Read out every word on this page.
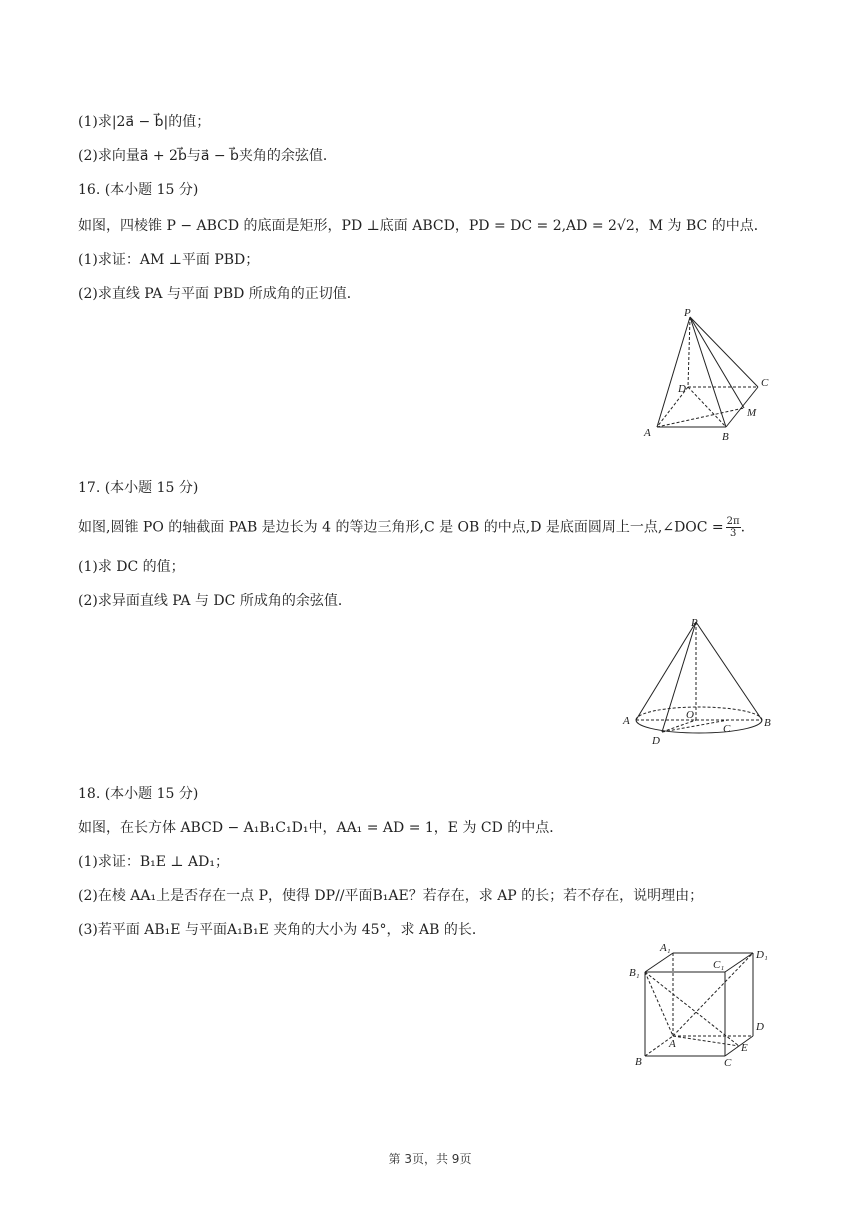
(1)求|2a⃗ − b⃗|的值；
(2)求向量a⃗ + 2b⃗与a⃗ − b⃗夹角的余弦值．
16. (本小题 15 分)
如图，四棱锥 P − ABCD 的底面是矩形，PD ⊥底面 ABCD，PD = DC = 2,AD = 2√2，M 为 BC 的中点．
(1)求证：AM ⊥平面 PBD；
(2)求直线 PA 与平面 PBD 所成角的正切值．
P
D	C
M
A	B
17. (本小题 15 分)
如图,圆锥 PO 的轴截面 PAB 是边长为 4 的等边三角形,C 是 OB 的中点,D 是底面圆周上一点,∠DOC = $\frac{2\pi}{3}$ .
(1)求 DC 的值；
(2)求异面直线 PA 与 DC 所成角的余弦值．
P
A	O
C	B
D
18. (本小题 15 分)
如图，在长方体 ABCD − A₁B₁C₁D₁中，AA₁ = AD = 1，E 为 CD 的中点．
(1)求证：B₁E ⊥ AD₁；
(2)在棱 AA₁上是否存在一点 P，使得 DP//平面B₁AE？若存在，求 AP 的长；若不存在，说明理由；
(3)若平面 AB₁E 与平面A₁B₁E 夹角的大小为 45°，求 AB 的长．
A₁
D₁
B₁
C₁
D
A	E
B	C
第 3页，共 9页
